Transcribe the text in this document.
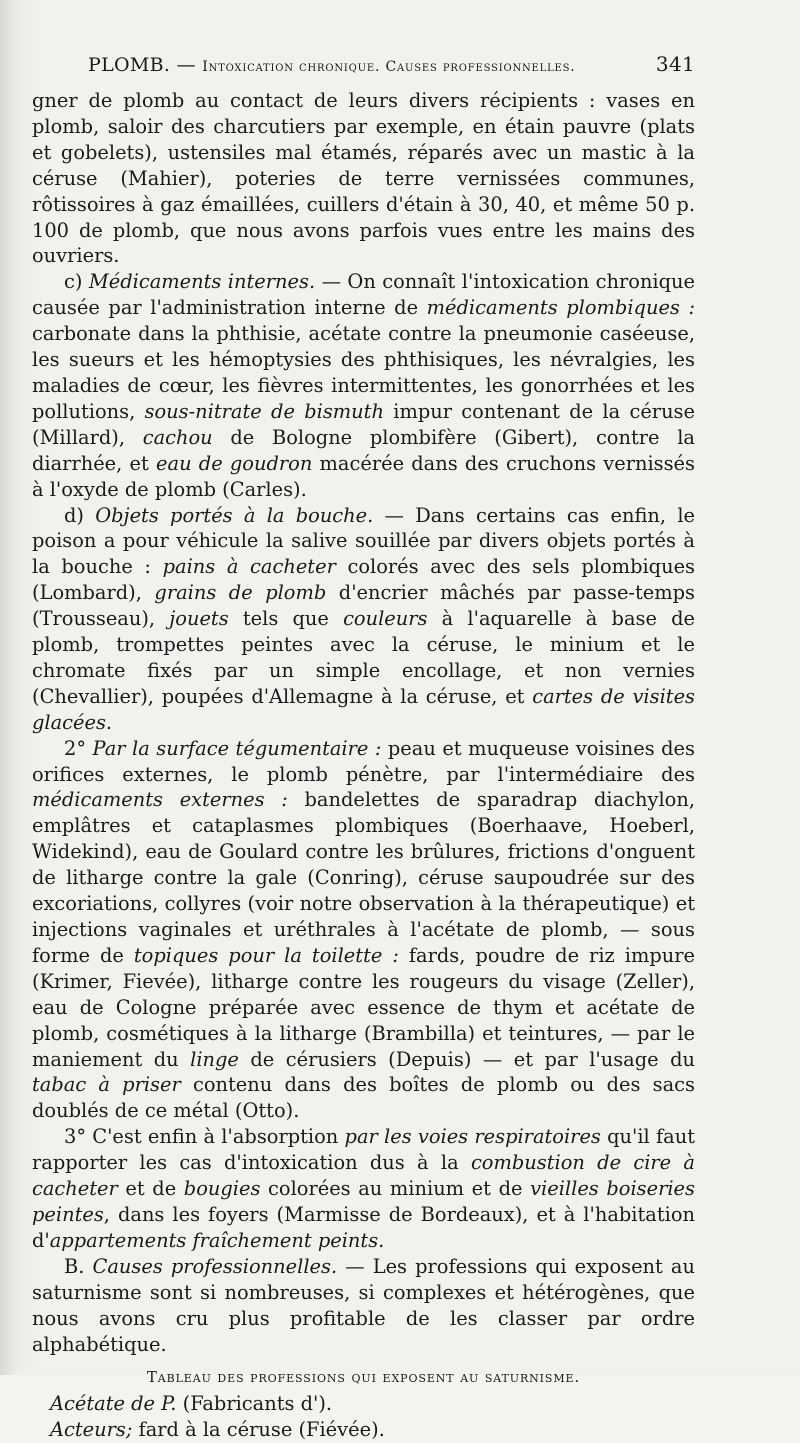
PLOMB. — Intoxication chronique. Causes professionnelles.	341

gner de plomb au contact de leurs divers récipients : vases en plomb, saloir des charcutiers par exemple, en étain pauvre (plats et gobelets), ustensiles mal étamés, réparés avec un mastic à la céruse (Mahier), poteries de terre vernissées communes, rôtissoires à gaz émaillées, cuillers d'étain à 30, 40, et même 50 p. 100 de plomb, que nous avons parfois vues entre les mains des ouvriers.

c) Médicaments internes. — On connaît l'intoxication chronique causée par l'administration interne de médicaments plombiques : carbonate dans la phthisie, acétate contre la pneumonie caséeuse, les sueurs et les hémoptysies des phthisiques, les névralgies, les maladies de cœur, les fièvres intermittentes, les gonorrhées et les pollutions, sous-nitrate de bismuth impur contenant de la céruse (Millard), cachou de Bologne plombifère (Gibert), contre la diarrhée, et eau de goudron macérée dans des cruchons vernissés à l'oxyde de plomb (Carles).

d) Objets portés à la bouche. — Dans certains cas enfin, le poison a pour véhicule la salive souillée par divers objets portés à la bouche : pains à cacheter colorés avec des sels plombiques (Lombard), grains de plomb d'encrier mâchés par passe-temps (Trousseau), jouets tels que couleurs à l'aquarelle à base de plomb, trompettes peintes avec la céruse, le minium et le chromate fixés par un simple encollage, et non vernies (Chevallier), poupées d'Allemagne à la céruse, et cartes de visites glacées.

2° Par la surface tégumentaire : peau et muqueuse voisines des orifices externes, le plomb pénètre, par l'intermédiaire des médicaments externes : bandelettes de sparadrap diachylon, emplâtres et cataplasmes plombiques (Boerhaave, Hoeberl, Widekind), eau de Goulard contre les brûlures, frictions d'onguent de litharge contre la gale (Conring), céruse saupoudrée sur des excoriations, collyres (voir notre observation à la thérapeutique) et injections vaginales et uréthrales à l'acétate de plomb, — sous forme de topiques pour la toilette : fards, poudre de riz impure (Krimer, Fievée), litharge contre les rougeurs du visage (Zeller), eau de Cologne préparée avec essence de thym et acétate de plomb, cosmétiques à la litharge (Brambilla) et teintures, — par le maniement du linge de cérusiers (Depuis) — et par l'usage du tabac à priser contenu dans des boîtes de plomb ou des sacs doublés de ce métal (Otto).

3° C'est enfin à l'absorption par les voies respiratoires qu'il faut rapporter les cas d'intoxication dus à la combustion de cire à cacheter et de bougies colorées au minium et de vieilles boiseries peintes, dans les foyers (Marmisse de Bordeaux), et à l'habitation d'appartements fraîchement peints.

B. Causes professionnelles. — Les professions qui exposent au saturnisme sont si nombreuses, si complexes et hétérogènes, que nous avons cru plus profitable de les classer par ordre alphabétique.

Tableau des professions qui exposent au saturnisme.
Acétate de P. (Fabricants d').
Acteurs; fard à la céruse (Fiévée).
